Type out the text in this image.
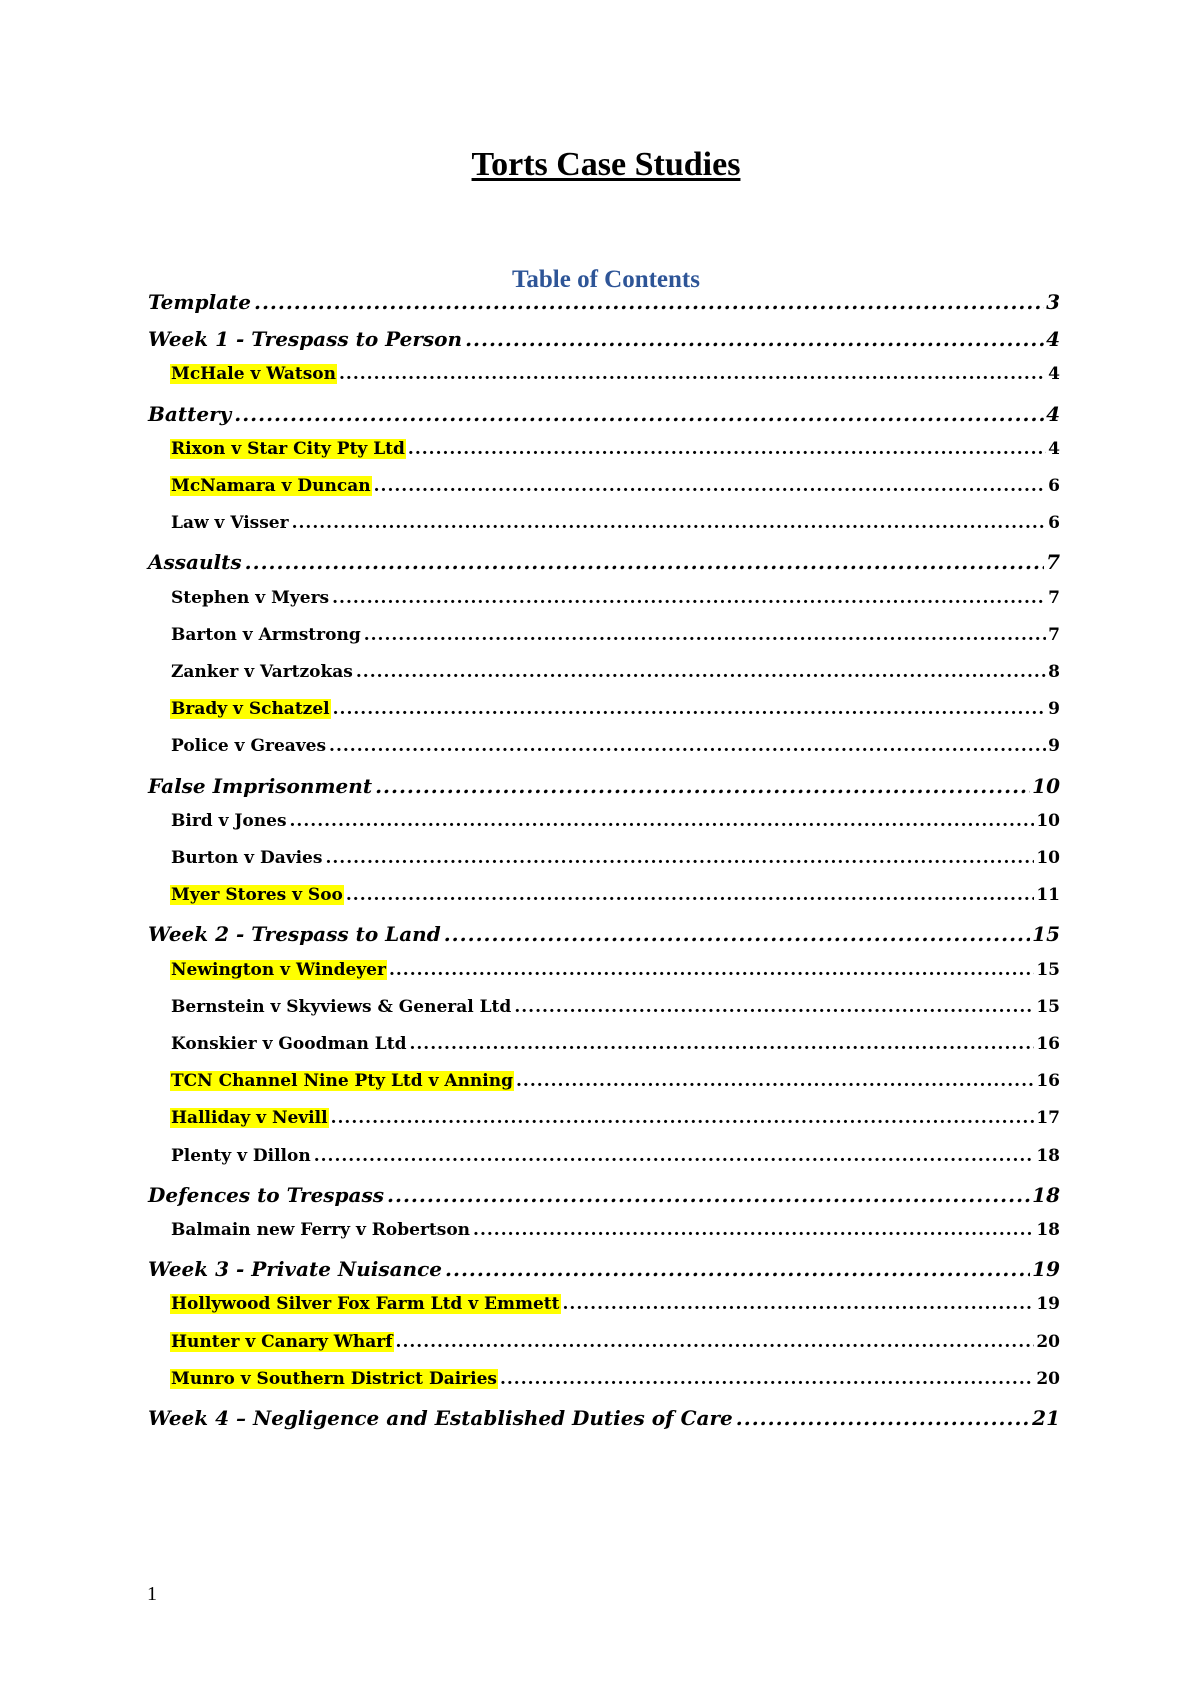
Torts Case Studies
Table of Contents
Template .....	3
Week 1 - Trespass to Person .....	4
McHale v Watson .....	4
Battery .....	4
Rixon v Star City Pty Ltd .....	4
McNamara v Duncan .....	6
Law v Visser .....	6
Assaults .....	7
Stephen v Myers .....	7
Barton v Armstrong .....	7
Zanker v Vartzokas .....	8
Brady v Schatzel .....	9
Police v Greaves .....	9
False Imprisonment .....	10
Bird v Jones .....	10
Burton v Davies .....	10
Myer Stores v Soo .....	11
Week 2 - Trespass to Land .....	15
Newington v Windeyer .....	15
Bernstein v Skyviews & General Ltd .....	15
Konskier v Goodman Ltd .....	16
TCN Channel Nine Pty Ltd v Anning .....	16
Halliday v Nevill .....	17
Plenty v Dillon .....	18
Defences to Trespass .....	18
Balmain new Ferry v Robertson .....	18
Week 3 - Private Nuisance .....	19
Hollywood Silver Fox Farm Ltd v Emmett .....	19
Hunter v Canary Wharf .....	20
Munro v Southern District Dairies .....	20
Week 4 – Negligence and Established Duties of Care .....	21
1
